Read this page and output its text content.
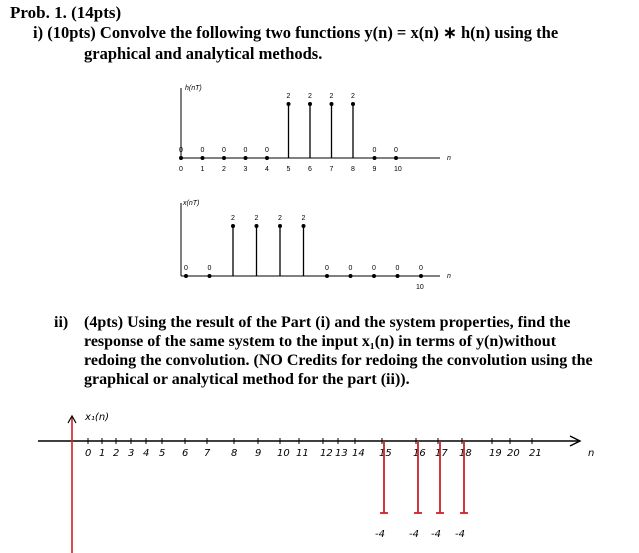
Prob. 1. (14pts)
i) (10pts) Convolve the following two functions y(n) = x(n) ∗ h(n) using the
graphical and analytical methods.
h(nT)
n
0
0
0
1
0
2
0
3
0
4
2
5
2
6
2
7
2
8
0
9
0
10
x(nT)
n
0	0
2	2	2	2
0	0	0	0	0
10
x₁(n)
n
0 1 2 3 4 5 6 7 8 9 10 11 12 13 14 15 16 17 18 19 20 21
-4 -4 -4 -4
ii) (4pts) Using the result of the Part (i) and the system properties, find the
response of the same system to the input x₁(n) in terms of y(n)without
redoing the convolution. (NO Credits for redoing the convolution using the
graphical or analytical method for the part (ii)).
